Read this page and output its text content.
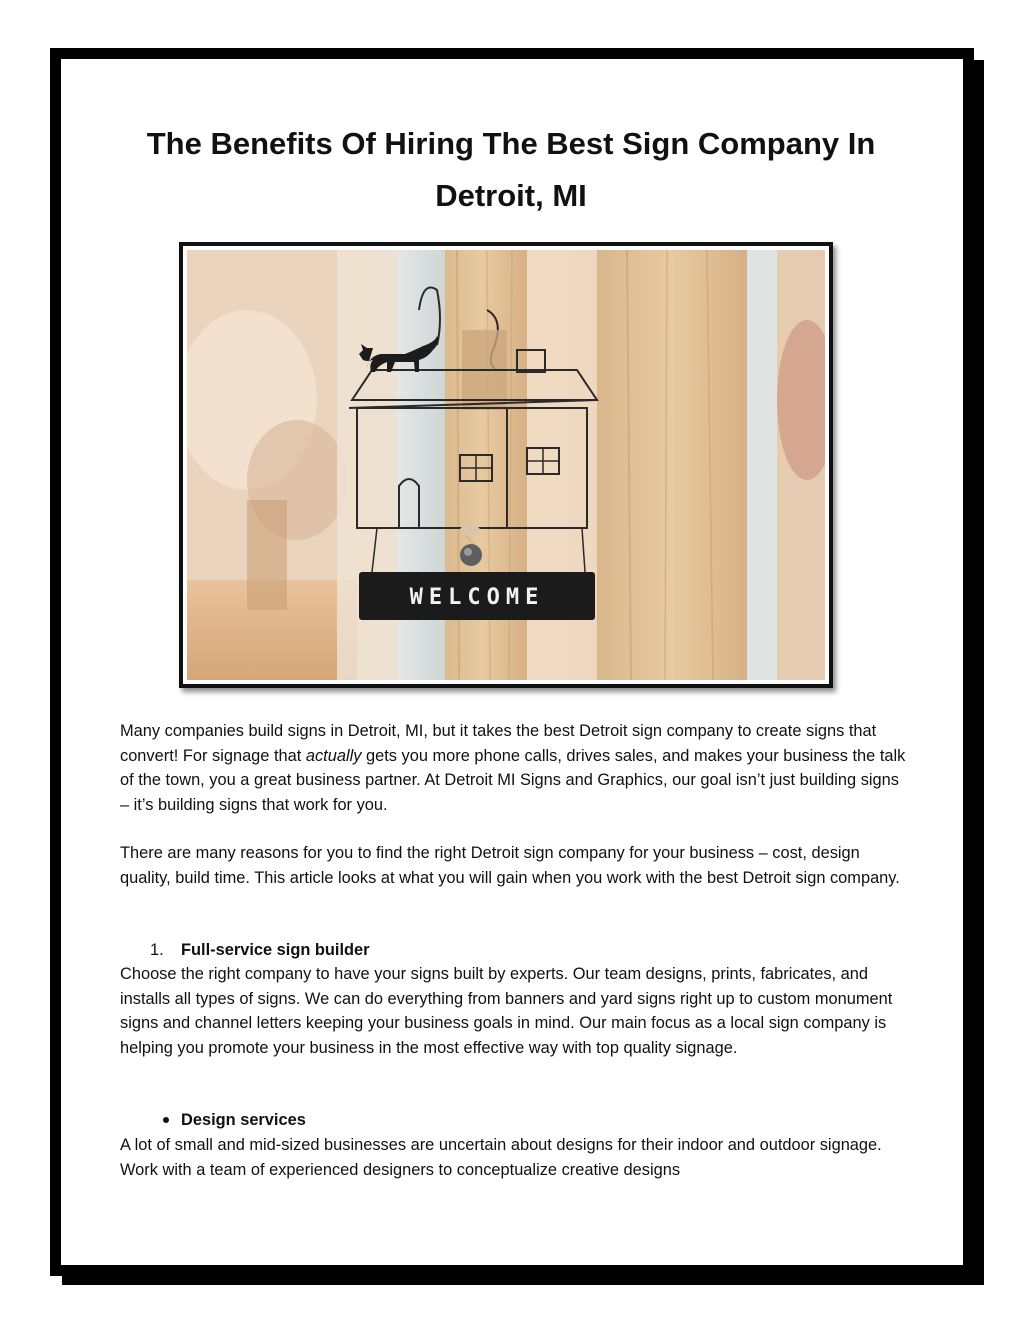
The Benefits Of Hiring The Best Sign Company In Detroit, MI
WELCOME

Many companies build signs in Detroit, MI, but it takes the best Detroit sign company to create signs that convert! For signage that actually gets you more phone calls, drives sales, and makes your business the talk of the town, you a great business partner. At Detroit MI Signs and Graphics, our goal isn’t just building signs – it’s building signs that work for you.

There are many reasons for you to find the right Detroit sign company for your business – cost, design quality, build time. This article looks at what you will gain when you work with the best Detroit sign company.

1. Full-service sign builder

Choose the right company to have your signs built by experts. Our team designs, prints, fabricates, and installs all types of signs. We can do everything from banners and yard signs right up to custom monument signs and channel letters keeping your business goals in mind. Our main focus as a local sign company is helping you promote your business in the most effective way with top quality signage.

Design services

A lot of small and mid-sized businesses are uncertain about designs for their indoor and outdoor signage. Work with a team of experienced designers to conceptualize creative designs
